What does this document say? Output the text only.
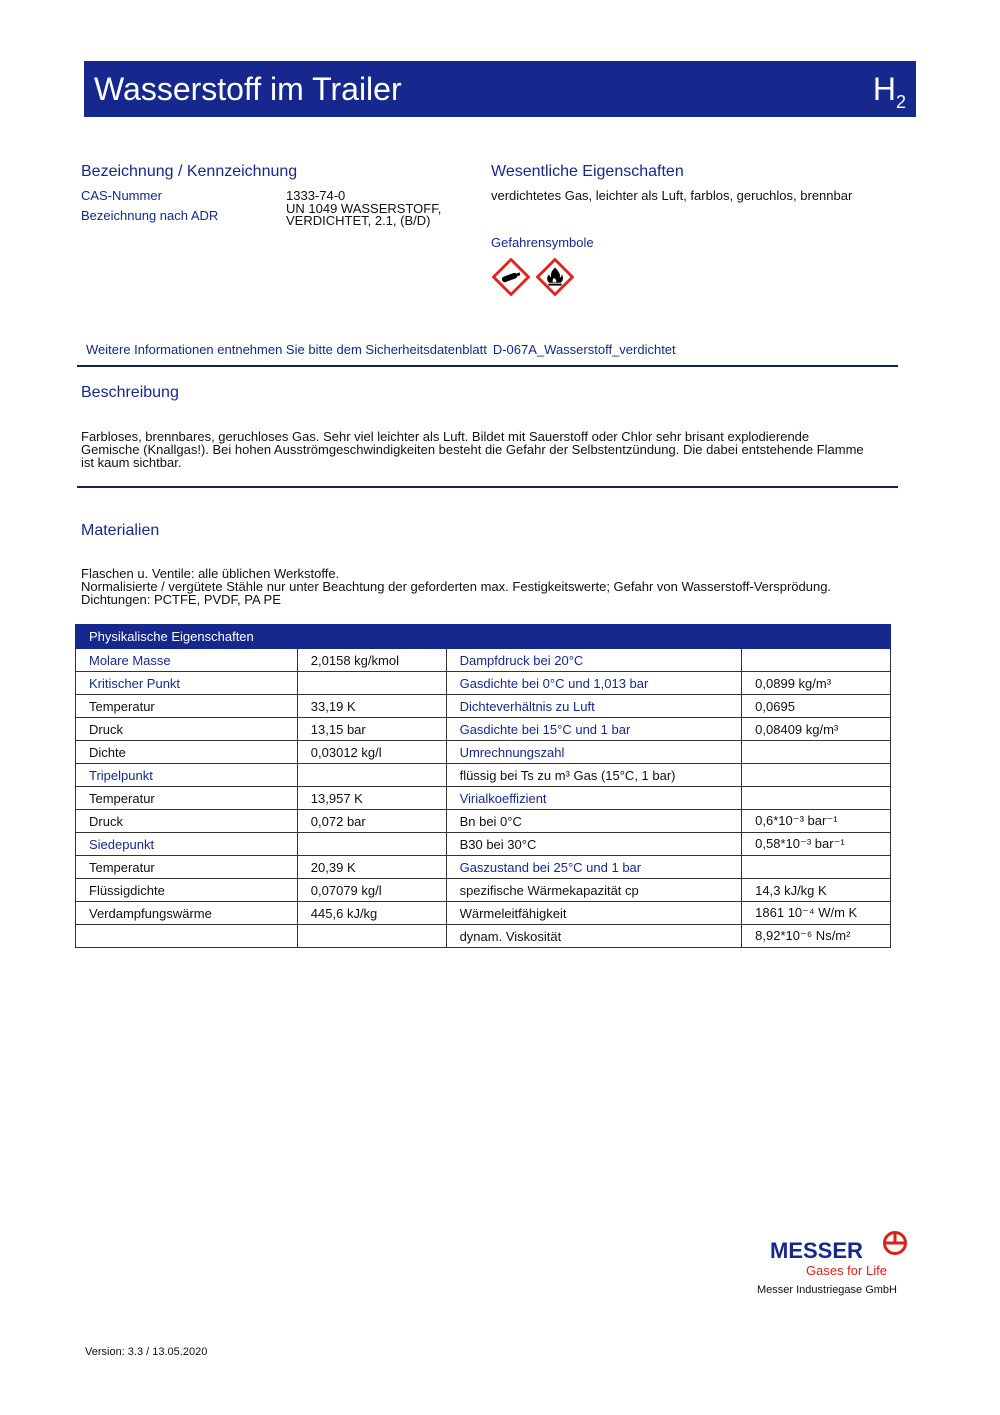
Wasserstoff im Trailer	$H_2$
Bezeichnung / Kennzeichnung
CAS-Nummer	1333-74-0
Bezeichnung nach ADR	UN 1049 WASSERSTOFF,
VERDICHTET, 2.1, (B/D)
Wesentliche Eigenschaften
verdichtetes Gas, leichter als Luft, farblos, geruchlos, brennbar
Gefahrensymbole
Weitere Informationen entnehmen Sie bitte dem Sicherheitsdatenblatt D-067A_Wasserstoff_verdichtet
Beschreibung
Farbloses, brennbares, geruchloses Gas. Sehr viel leichter als Luft. Bildet mit Sauerstoff oder Chlor sehr brisant explodierende
Gemische (Knallgas!). Bei hohen Ausströmgeschwindigkeiten besteht die Gefahr der Selbstentzündung. Die dabei entstehende Flamme
ist kaum sichtbar.
Materialien
Flaschen u. Ventile: alle üblichen Werkstoffe.
Normalisierte / vergütete Stähle nur unter Beachtung der geforderten max. Festigkeitswerte; Gefahr von Wasserstoff-Versprödung.
Dichtungen: PCTFE, PVDF, PA PE
Physikalische Eigenschaften			
Molare Masse	2,0158 kg/kmol	Dampfdruck bei 20°C	
Kritischer Punkt		Gasdichte bei 0°C und 1,013 bar	0,0899 kg/m³
Temperatur	33,19 K	Dichteverhältnis zu Luft	0,0695
Druck	13,15 bar	Gasdichte bei 15°C und 1 bar	0,08409 kg/m³
Dichte	0,03012 kg/l	Umrechnungszahl	
Tripelpunkt		flüssig bei Ts zu m³ Gas (15°C, 1 bar)	
Temperatur	13,957 K	Virialkoeffizient	
Druck	0,072 bar	Bn bei 0°C	0,6*10⁻³ bar⁻¹
Siedepunkt		B30 bei 30°C	0,58*10⁻³ bar⁻¹
Temperatur	20,39 K	Gaszustand bei 25°C und 1 bar	
Flüssigdichte	0,07079 kg/l	spezifische Wärmekapazität cp	14,3 kJ/kg K
Verdampfungswärme	445,6 kJ/kg	Wärmeleitfähigkeit	1861 10⁻⁴ W/m K
		dynam. Viskosität	8,92*10⁻⁶ Ns/m²
MESSER
Gases for Life
Messer Industriegase GmbH
Version: 3.3 / 13.05.2020
